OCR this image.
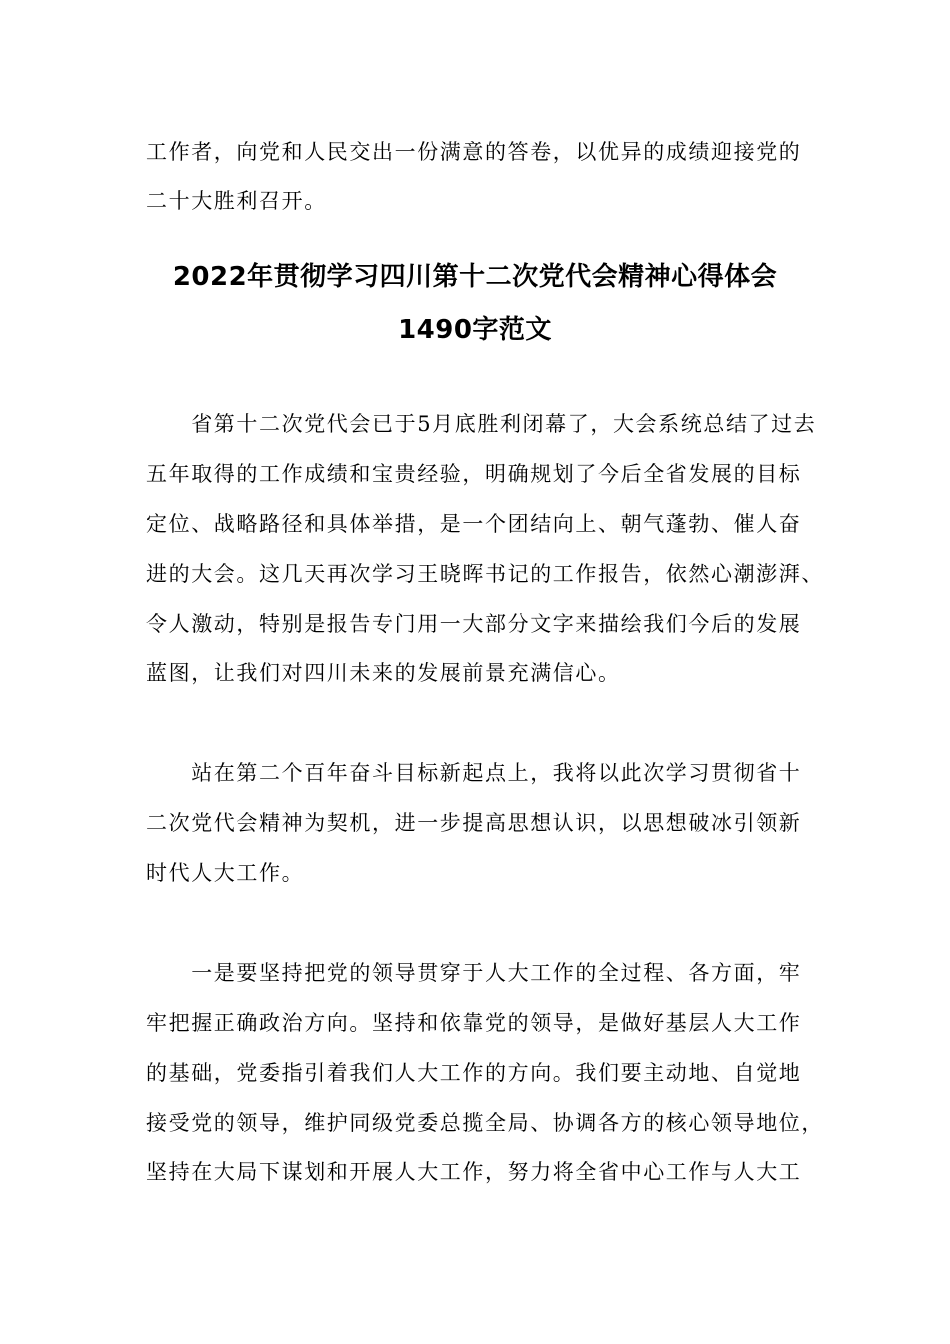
工作者，向党和人民交出一份满意的答卷，以优异的成绩迎接党的
二十大胜利召开。
2022年贯彻学习四川第十二次党代会精神心得体会
1490字范文
　　省第十二次党代会已于5月底胜利闭幕了，大会系统总结了过去
五年取得的工作成绩和宝贵经验，明确规划了今后全省发展的目标
定位、战略路径和具体举措，是一个团结向上、朝气蓬勃、催人奋
进的大会。这几天再次学习王晓晖书记的工作报告，依然心潮澎湃、
令人激动，特别是报告专门用一大部分文字来描绘我们今后的发展
蓝图，让我们对四川未来的发展前景充满信心。
　　站在第二个百年奋斗目标新起点上，我将以此次学习贯彻省十
二次党代会精神为契机，进一步提高思想认识，以思想破冰引领新
时代人大工作。
　　一是要坚持把党的领导贯穿于人大工作的全过程、各方面，牢
牢把握正确政治方向。坚持和依靠党的领导，是做好基层人大工作
的基础，党委指引着我们人大工作的方向。我们要主动地、自觉地
接受党的领导，维护同级党委总揽全局、协调各方的核心领导地位，
坚持在大局下谋划和开展人大工作，努力将全省中心工作与人大工
